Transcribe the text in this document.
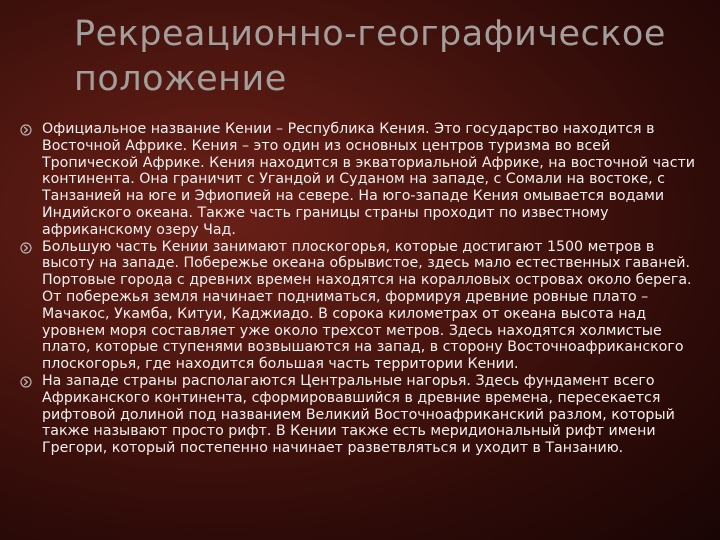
Рекреационно-географическое положение

Официальное название Кении – Республика Кения. Это государство находится в Восточной Африке. Кения – это один из основных центров туризма во всей Тропической Африке. Кения находится в экваториальной Африке, на восточной части континента. Она граничит с Угандой и Суданом на западе, с Сомали на востоке, с Танзанией на юге и Эфиопией на севере. На юго-западе Кения омывается водами Индийского океана. Также часть границы страны проходит по известному африканскому озеру Чад.

Большую часть Кении занимают плоскогорья, которые достигают 1500 метров в высоту на западе. Побережье океана обрывистое, здесь мало естественных гаваней. Портовые города с древних времен находятся на коралловых островах около берега. От побережья земля начинает подниматься, формируя древние ровные плато – Мачакос, Укамба, Китуи, Каджиадо. В сорока километрах от океана высота над уровнем моря составляет уже около трехсот метров. Здесь находятся холмистые плато, которые ступенями возвышаются на запад, в сторону Восточноафриканского плоскогорья, где находится большая часть территории Кении.

На западе страны располагаются Центральные нагорья. Здесь фундамент всего Африканского континента, сформировавшийся в древние времена, пересекается рифтовой долиной под названием Великий Восточноафриканский разлом, который также называют просто рифт. В Кении также есть меридиональный рифт имени Грегори, который постепенно начинает разветвляться и уходит в Танзанию.
